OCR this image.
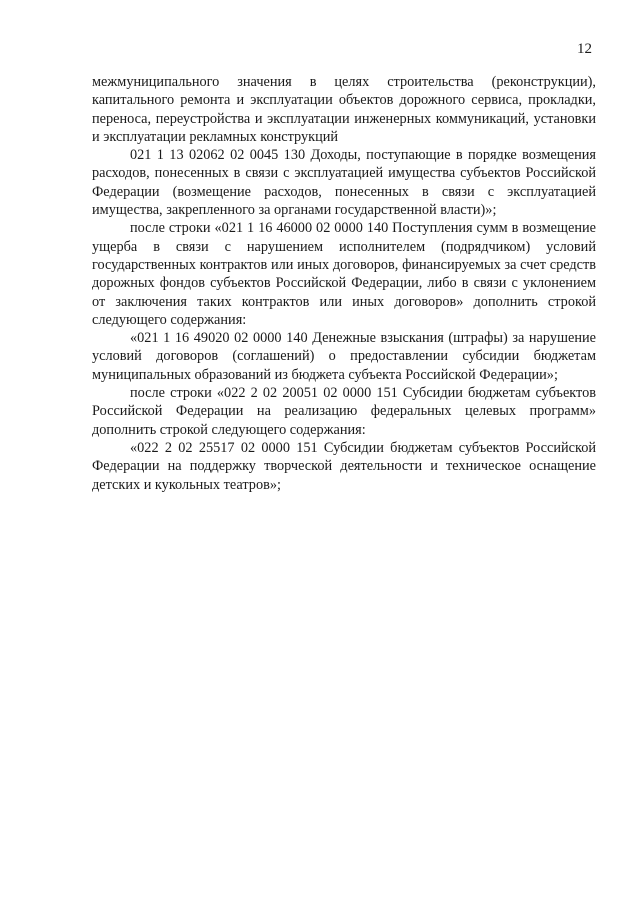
12

межмуниципального значения в целях строительства (реконструкции), капитального ремонта и эксплуатации объектов дорожного сервиса, прокладки, переноса, переустройства и эксплуатации инженерных коммуникаций, установки и эксплуатации рекламных конструкций

021 1 13 02062 02 0045 130 Доходы, поступающие в порядке возмещения расходов, понесенных в связи с эксплуатацией имущества субъектов Российской Федерации (возмещение расходов, понесенных в связи с эксплуатацией имущества, закрепленного за органами государственной власти)»;

после строки «021 1 16 46000 02 0000 140 Поступления сумм в возмещение ущерба в связи с нарушением исполнителем (подрядчиком) условий государственных контрактов или иных договоров, финансируемых за счет средств дорожных фондов субъектов Российской Федерации, либо в связи с уклонением от заключения таких контрактов или иных договоров» дополнить строкой следующего содержания:

«021 1 16 49020 02 0000 140 Денежные взыскания (штрафы) за нарушение условий договоров (соглашений) о предоставлении субсидии бюджетам муниципальных образований из бюджета субъекта Российской Федерации»;

после строки «022 2 02 20051 02 0000 151 Субсидии бюджетам субъектов Российской Федерации на реализацию федеральных целевых программ» дополнить строкой следующего содержания:

«022 2 02 25517 02 0000 151 Субсидии бюджетам субъектов Российской Федерации на поддержку творческой деятельности и техническое оснащение детских и кукольных театров»;
